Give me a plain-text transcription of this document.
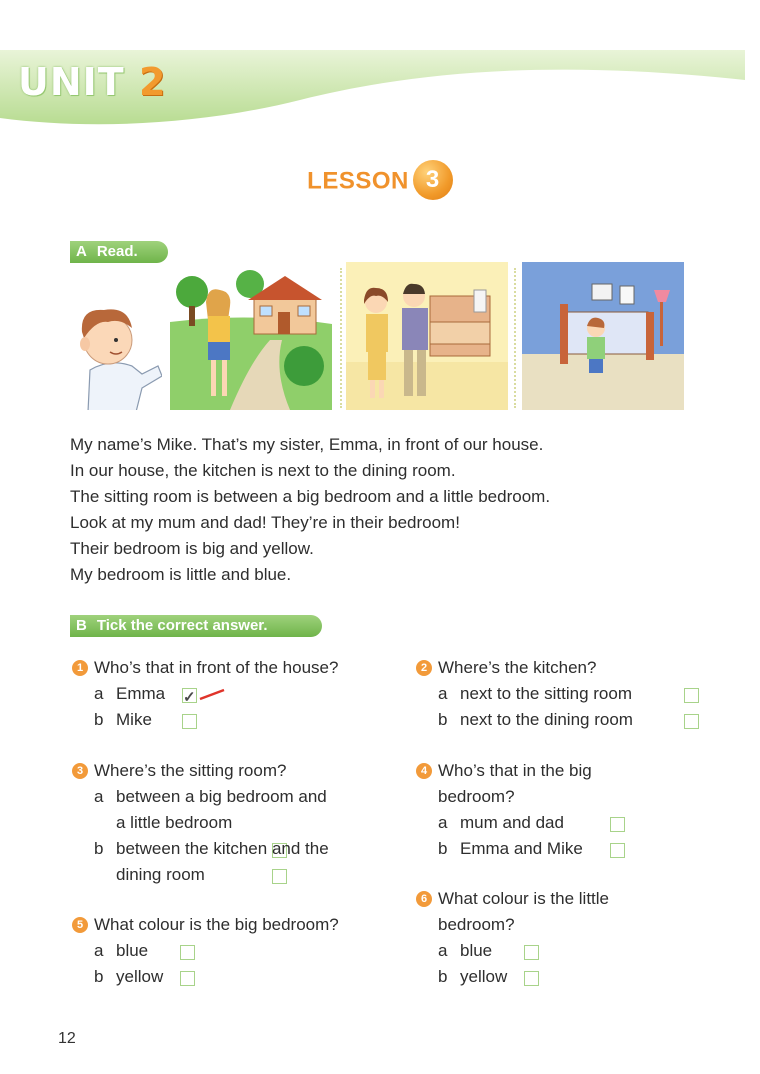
UNIT 2
LESSON 3
A Read.

My name’s Mike. That’s my sister, Emma, in front of our house.

In our house, the kitchen is next to the dining room.

The sitting room is between a big bedroom and a little bedroom.

Look at my mum and dad! They’re in their bedroom!

Their bedroom is big and yellow.

My bedroom is little and blue.

B Tick the correct answer.
1 Who’s that in front of the house?
a Emma ✓
b Mike
2 Where’s the kitchen?
a next to the sitting room
b next to the dining room
3 Where’s the sitting room?
a between a big bedroom and
a little bedroom
b between the kitchen and the
dining room
4 Who’s that in the big
bedroom?
a mum and dad
b Emma and Mike
5 What colour is the big bedroom?
a blue
b yellow
6 What colour is the little
bedroom?
a blue
b yellow
12
